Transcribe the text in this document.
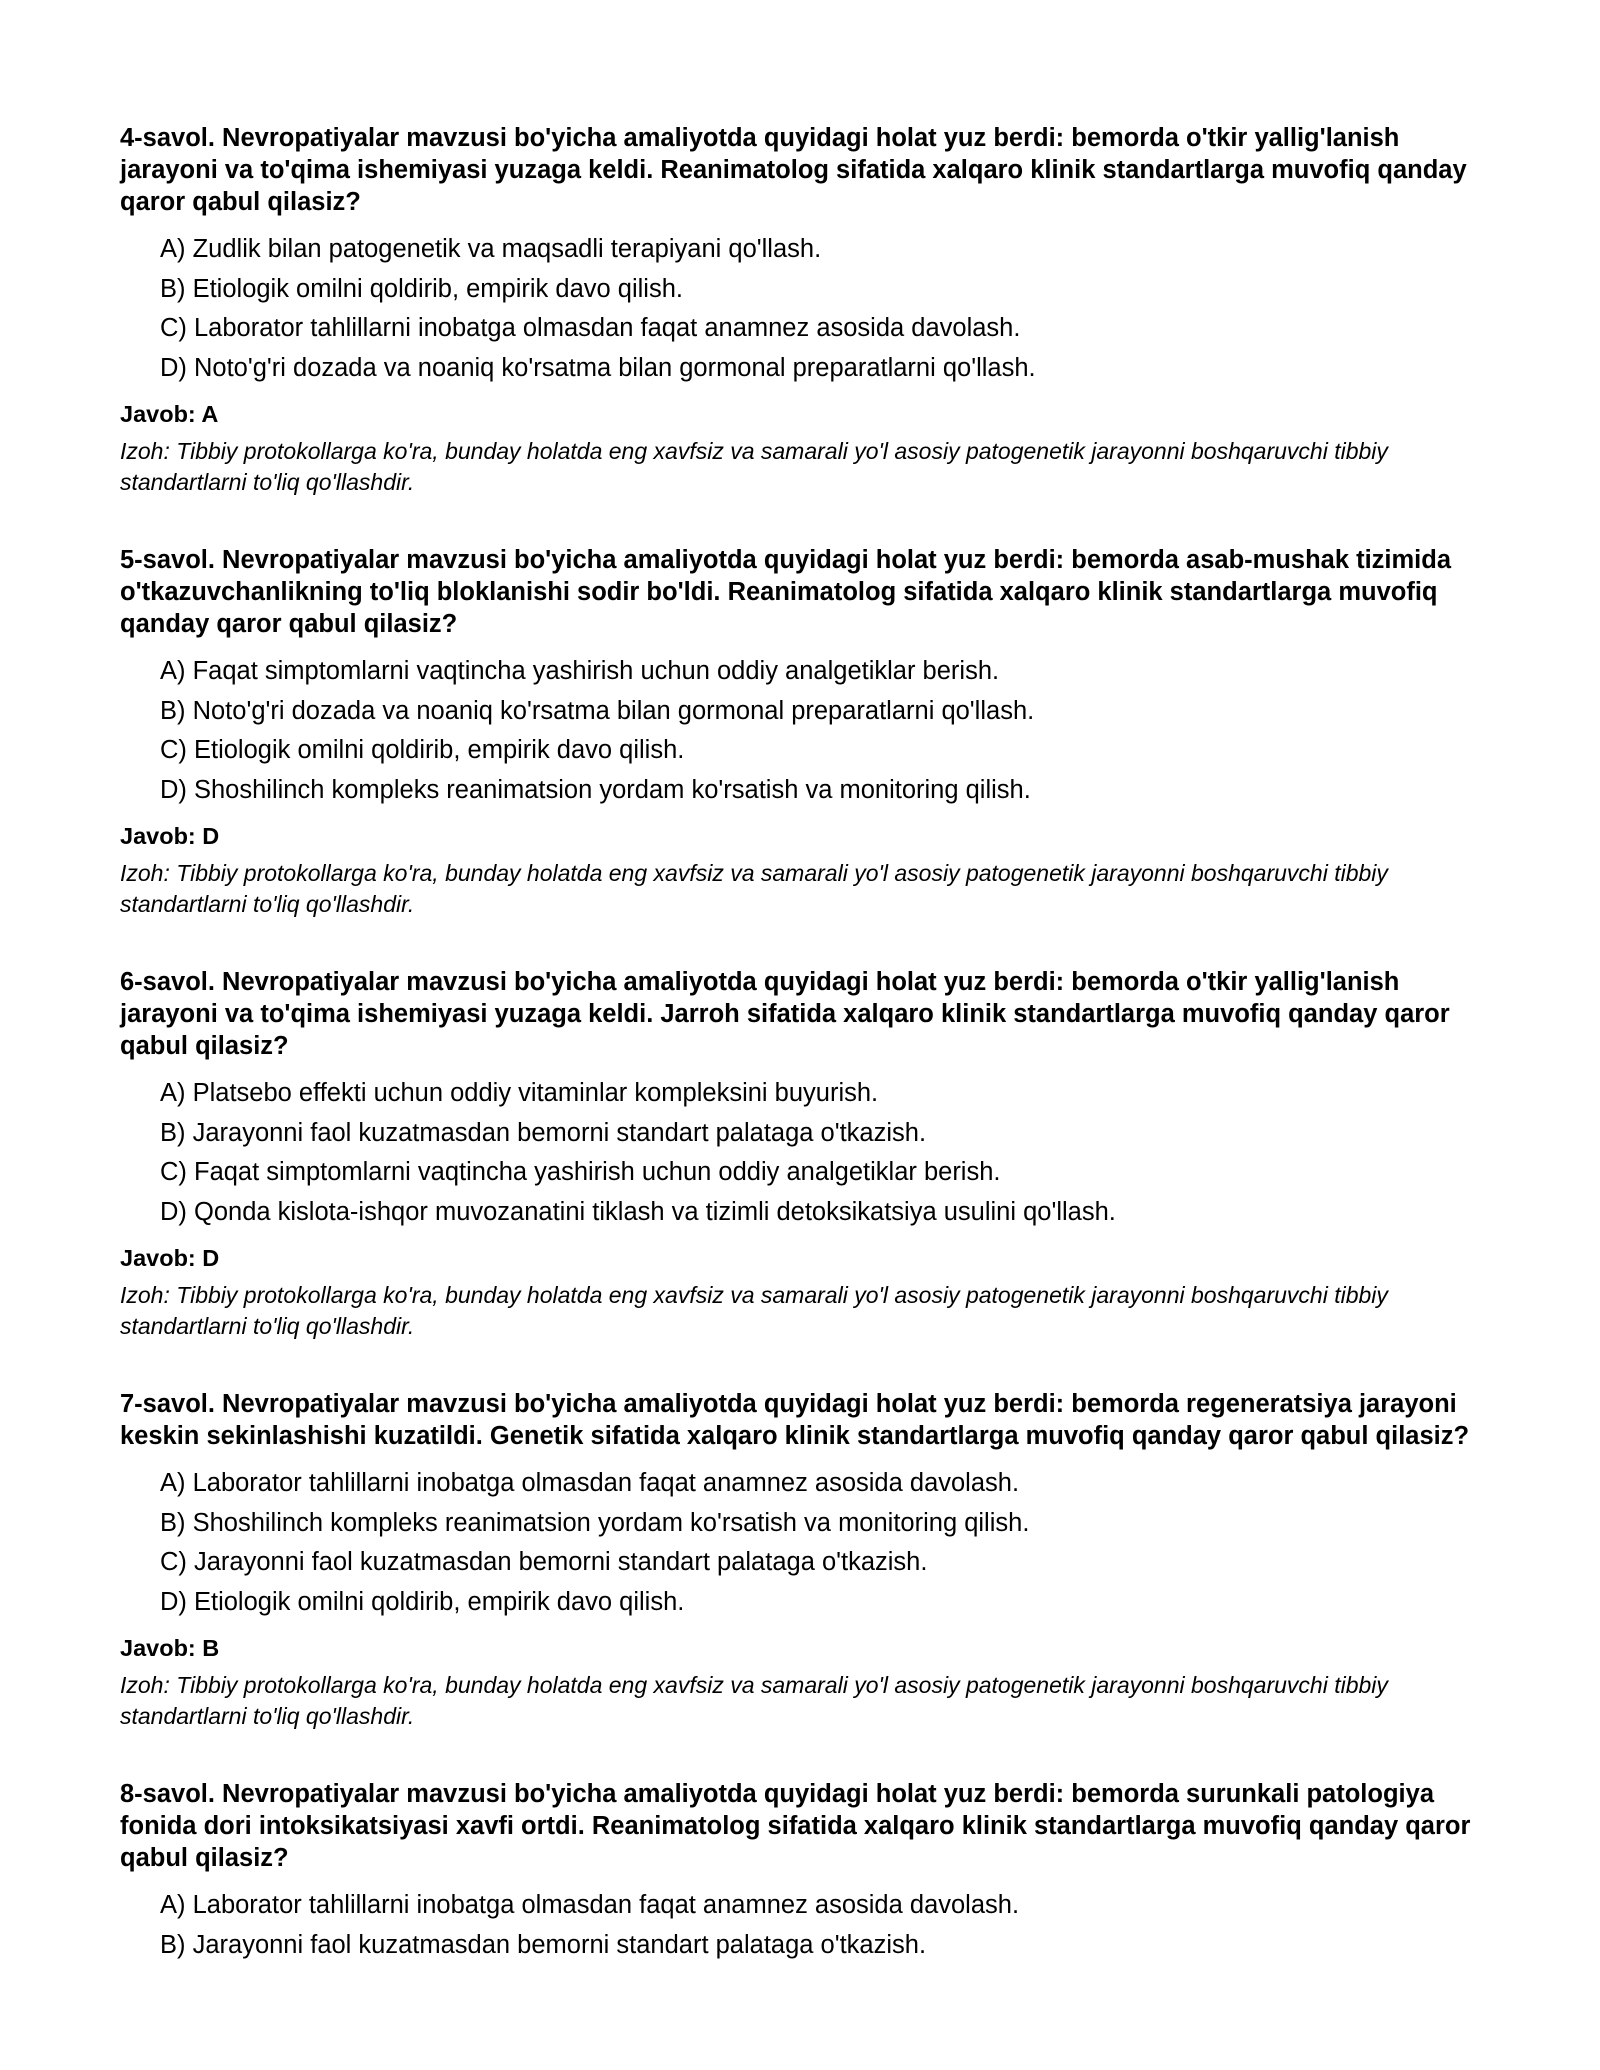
4-savol. Nevropatiyalar mavzusi bo'yicha amaliyotda quyidagi holat yuz berdi: bemorda o'tkir yallig'lanish jarayoni va to'qima ishemiyasi yuzaga keldi. Reanimatolog sifatida xalqaro klinik standartlarga muvofiq qanday qaror qabul qilasiz?

A) Zudlik bilan patogenetik va maqsadli terapiyani qo'llash.
B) Etiologik omilni qoldirib, empirik davo qilish.
C) Laborator tahlillarni inobatga olmasdan faqat anamnez asosida davolash.
D) Noto'g'ri dozada va noaniq ko'rsatma bilan gormonal preparatlarni qo'llash.

Javob: A

Izoh: Tibbiy protokollarga ko'ra, bunday holatda eng xavfsiz va samarali yo'l asosiy patogenetik jarayonni boshqaruvchi tibbiy standartlarni to'liq qo'llashdir.

5-savol. Nevropatiyalar mavzusi bo'yicha amaliyotda quyidagi holat yuz berdi: bemorda asab-mushak tizimida o'tkazuvchanlikning to'liq bloklanishi sodir bo'ldi. Reanimatolog sifatida xalqaro klinik standartlarga muvofiq qanday qaror qabul qilasiz?

A) Faqat simptomlarni vaqtincha yashirish uchun oddiy analgetiklar berish.
B) Noto'g'ri dozada va noaniq ko'rsatma bilan gormonal preparatlarni qo'llash.
C) Etiologik omilni qoldirib, empirik davo qilish.
D) Shoshilinch kompleks reanimatsion yordam ko'rsatish va monitoring qilish.

Javob: D

Izoh: Tibbiy protokollarga ko'ra, bunday holatda eng xavfsiz va samarali yo'l asosiy patogenetik jarayonni boshqaruvchi tibbiy standartlarni to'liq qo'llashdir.

6-savol. Nevropatiyalar mavzusi bo'yicha amaliyotda quyidagi holat yuz berdi: bemorda o'tkir yallig'lanish jarayoni va to'qima ishemiyasi yuzaga keldi. Jarroh sifatida xalqaro klinik standartlarga muvofiq qanday qaror qabul qilasiz?

A) Platsebo effekti uchun oddiy vitaminlar kompleksini buyurish.
B) Jarayonni faol kuzatmasdan bemorni standart palataga o'tkazish.
C) Faqat simptomlarni vaqtincha yashirish uchun oddiy analgetiklar berish.
D) Qonda kislota-ishqor muvozanatini tiklash va tizimli detoksikatsiya usulini qo'llash.

Javob: D

Izoh: Tibbiy protokollarga ko'ra, bunday holatda eng xavfsiz va samarali yo'l asosiy patogenetik jarayonni boshqaruvchi tibbiy standartlarni to'liq qo'llashdir.

7-savol. Nevropatiyalar mavzusi bo'yicha amaliyotda quyidagi holat yuz berdi: bemorda regeneratsiya jarayoni keskin sekinlashishi kuzatildi. Genetik sifatida xalqaro klinik standartlarga muvofiq qanday qaror qabul qilasiz?

A) Laborator tahlillarni inobatga olmasdan faqat anamnez asosida davolash.
B) Shoshilinch kompleks reanimatsion yordam ko'rsatish va monitoring qilish.
C) Jarayonni faol kuzatmasdan bemorni standart palataga o'tkazish.
D) Etiologik omilni qoldirib, empirik davo qilish.

Javob: B

Izoh: Tibbiy protokollarga ko'ra, bunday holatda eng xavfsiz va samarali yo'l asosiy patogenetik jarayonni boshqaruvchi tibbiy standartlarni to'liq qo'llashdir.

8-savol. Nevropatiyalar mavzusi bo'yicha amaliyotda quyidagi holat yuz berdi: bemorda surunkali patologiya fonida dori intoksikatsiyasi xavfi ortdi. Reanimatolog sifatida xalqaro klinik standartlarga muvofiq qanday qaror qabul qilasiz?

A) Laborator tahlillarni inobatga olmasdan faqat anamnez asosida davolash.
B) Jarayonni faol kuzatmasdan bemorni standart palataga o'tkazish.
